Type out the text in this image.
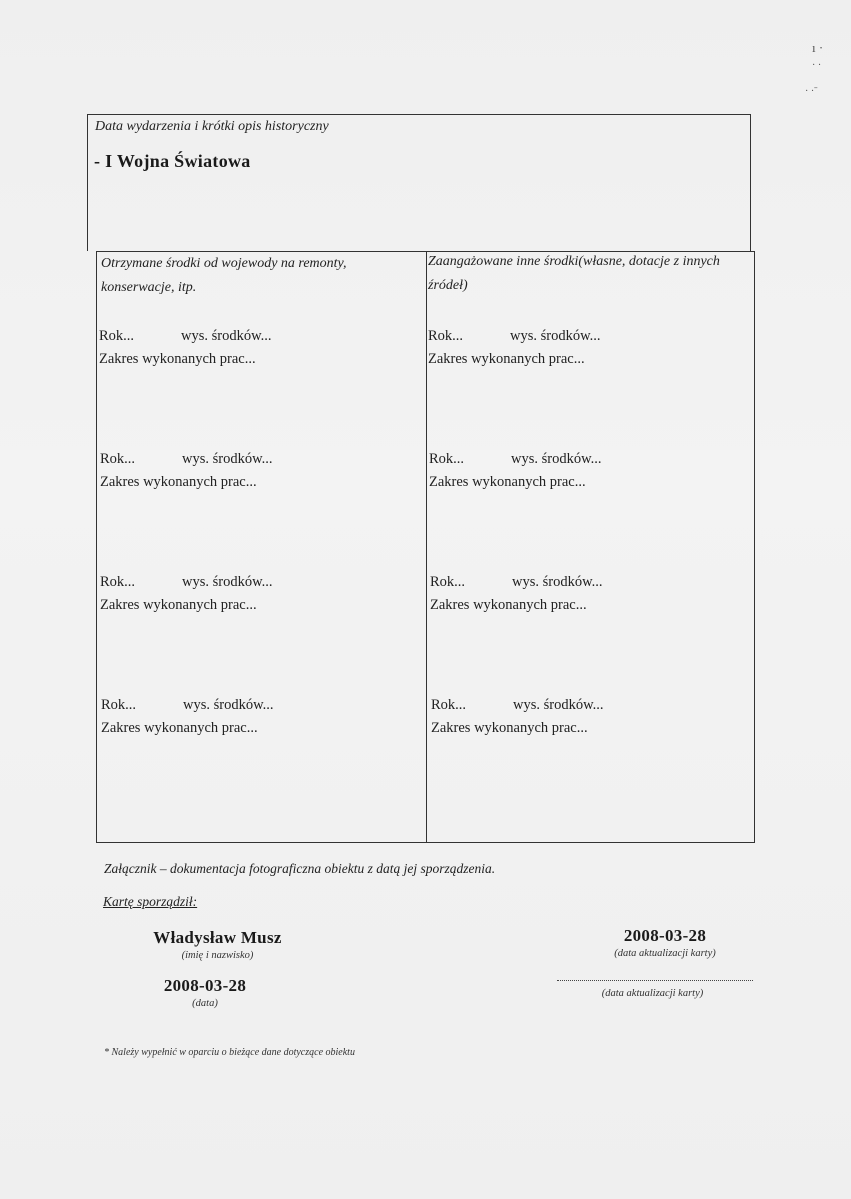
ı ·
· ·
· ·ˉ
Data wydarzenia i krótki opis historyczny
- I Wojna Światowa
Otrzymane środki od wojewody na remonty,
konserwacje, itp.
Zaangażowane inne środki(własne, dotacje z innych
źródeł)
Rok...	wys. środków...
Zakres wykonanych prac...
Rok...	wys. środków...
Zakres wykonanych prac...
Rok...	wys. środków...
Zakres wykonanych prac...
Rok...	wys. środków...
Zakres wykonanych prac...
Rok...	wys. środków...
Zakres wykonanych prac...
Rok...	wys. środków...
Zakres wykonanych prac...
Rok...	wys. środków...
Zakres wykonanych prac...
Rok...	wys. środków...
Zakres wykonanych prac...
Załącznik – dokumentacja fotograficzna obiektu z datą jej sporządzenia.
Kartę sporządził:
Władysław Musz
(imię i nazwisko)
2008-03-28
(data)
2008-03-28
(data aktualizacji karty)
(data aktualizacji karty)
* Należy wypełnić w oparciu o bieżące dane dotyczące obiektu
